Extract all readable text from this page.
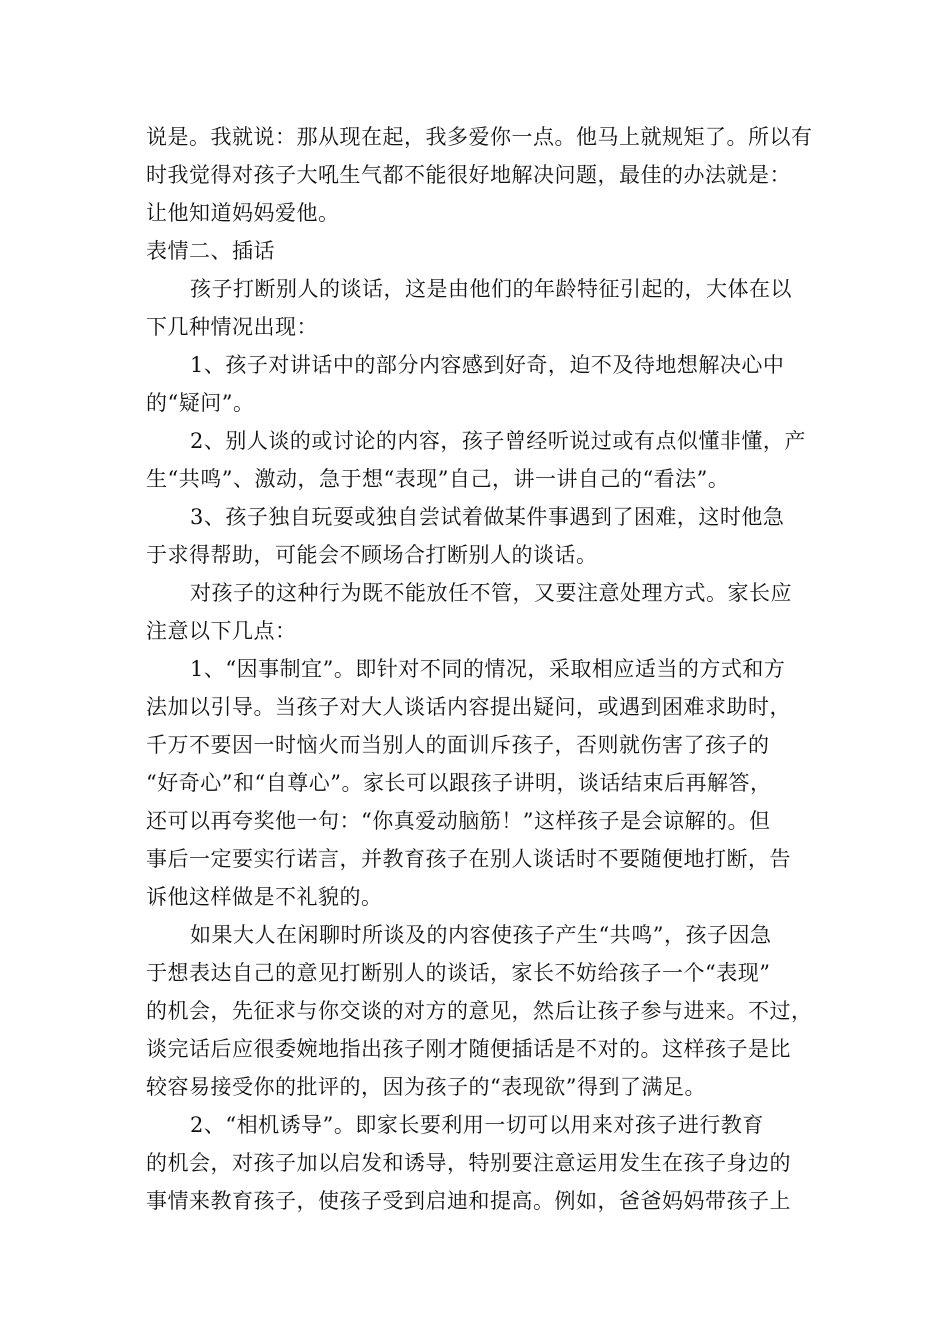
说是。我就说：那从现在起，我多爱你一点。他马上就规矩了。所以有
时我觉得对孩子大吼生气都不能很好地解决问题，最佳的办法就是：
让他知道妈妈爱他。
表情二、插话
孩子打断别人的谈话，这是由他们的年龄特征引起的，大体在以
下几种情况出现：
1、孩子对讲话中的部分内容感到好奇，迫不及待地想解决心中
的“疑问”。
2、别人谈的或讨论的内容，孩子曾经听说过或有点似懂非懂，产
生“共鸣”、激动，急于想“表现”自己，讲一讲自己的“看法”。
3、孩子独自玩耍或独自尝试着做某件事遇到了困难，这时他急
于求得帮助，可能会不顾场合打断别人的谈话。
对孩子的这种行为既不能放任不管，又要注意处理方式。家长应
注意以下几点：
1、“因事制宜”。即针对不同的情况，采取相应适当的方式和方
法加以引导。当孩子对大人谈话内容提出疑问，或遇到困难求助时，
千万不要因一时恼火而当别人的面训斥孩子，否则就伤害了孩子的
“好奇心”和“自尊心”。家长可以跟孩子讲明，谈话结束后再解答，
还可以再夸奖他一句：“你真爱动脑筋！”这样孩子是会谅解的。但
事后一定要实行诺言，并教育孩子在别人谈话时不要随便地打断，告
诉他这样做是不礼貌的。
如果大人在闲聊时所谈及的内容使孩子产生“共鸣”，孩子因急
于想表达自己的意见打断别人的谈话，家长不妨给孩子一个“表现”
的机会，先征求与你交谈的对方的意见，然后让孩子参与进来。不过，
谈完话后应很委婉地指出孩子刚才随便插话是不对的。这样孩子是比
较容易接受你的批评的，因为孩子的“表现欲”得到了满足。
2、“相机诱导”。即家长要利用一切可以用来对孩子进行教育
的机会，对孩子加以启发和诱导，特别要注意运用发生在孩子身边的
事情来教育孩子，使孩子受到启迪和提高。例如，爸爸妈妈带孩子上
